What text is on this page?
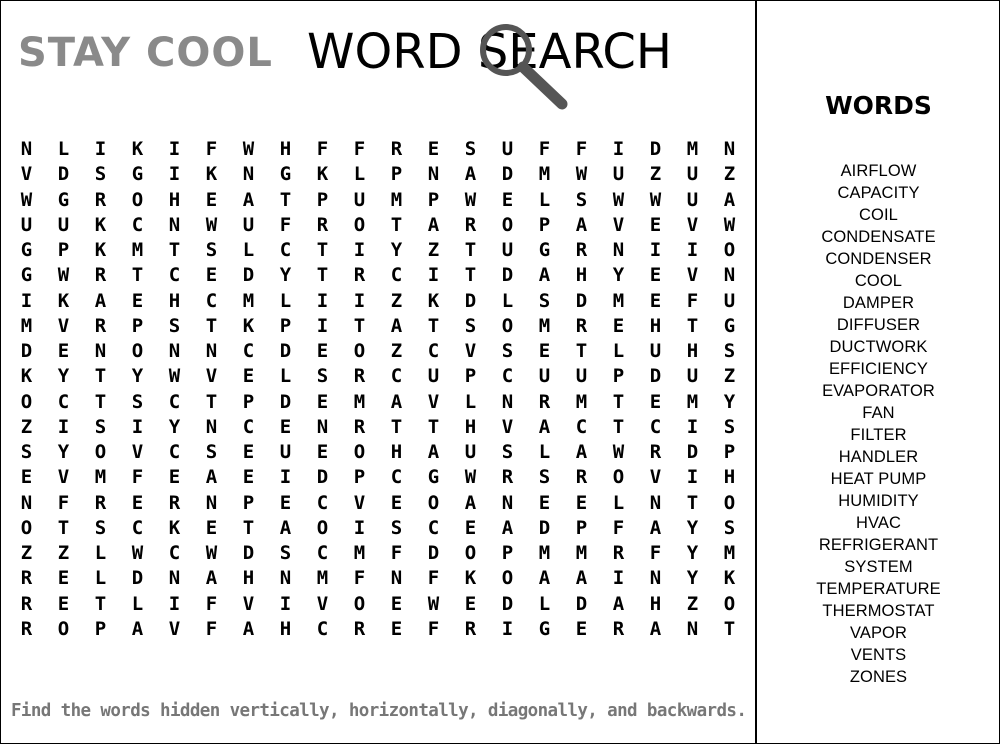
STAY COOL WORD SEARCH
N	L	I	K	I	F	W	H	F	F	R	E	S	U	F	F	I	D	M	N
V	D	S	G	I	K	N	G	K	L	P	N	A	D	M	W	U	Z	U	Z
W	G	R	O	H	E	A	T	P	U	M	P	W	E	L	S	W	W	U	A
U	U	K	C	N	W	U	F	R	O	T	A	R	O	P	A	V	E	V	W
G	P	K	M	T	S	L	C	T	I	Y	Z	T	U	G	R	N	I	I	O
G	W	R	T	C	E	D	Y	T	R	C	I	T	D	A	H	Y	E	V	N
I	K	A	E	H	C	M	L	I	I	Z	K	D	L	S	D	M	E	F	U
M	V	R	P	S	T	K	P	I	T	A	T	S	O	M	R	E	H	T	G
D	E	N	O	N	N	C	D	E	O	Z	C	V	S	E	T	L	U	H	S
K	Y	T	Y	W	V	E	L	S	R	C	U	P	C	U	U	P	D	U	Z
O	C	T	S	C	T	P	D	E	M	A	V	L	N	R	M	T	E	M	Y
Z	I	S	I	Y	N	C	E	N	R	T	T	H	V	A	C	T	C	I	S
S	Y	O	V	C	S	E	U	E	O	H	A	U	S	L	A	W	R	D	P
E	V	M	F	E	A	E	I	D	P	C	G	W	R	S	R	O	V	I	H
N	F	R	E	R	N	P	E	C	V	E	O	A	N	E	E	L	N	T	O
O	T	S	C	K	E	T	A	O	I	S	C	E	A	D	P	F	A	Y	S
Z	Z	L	W	C	W	D	S	C	M	F	D	O	P	M	M	R	F	Y	M
R	E	L	D	N	A	H	N	M	F	N	F	K	O	A	A	I	N	Y	K
R	E	T	L	I	F	V	I	V	O	E	W	E	D	L	D	A	H	Z	O
R	O	P	A	V	F	A	H	C	R	E	F	R	I	G	E	R	A	N	T
Find the words hidden vertically, horizontally, diagonally, and backwards.
WORDS
AIRFLOW
CAPACITY
COIL
CONDENSATE
CONDENSER
COOL
DAMPER
DIFFUSER
DUCTWORK
EFFICIENCY
EVAPORATOR
FAN
FILTER
HANDLER
HEAT PUMP
HUMIDITY
HVAC
REFRIGERANT
SYSTEM
TEMPERATURE
THERMOSTAT
VAPOR
VENTS
ZONES
